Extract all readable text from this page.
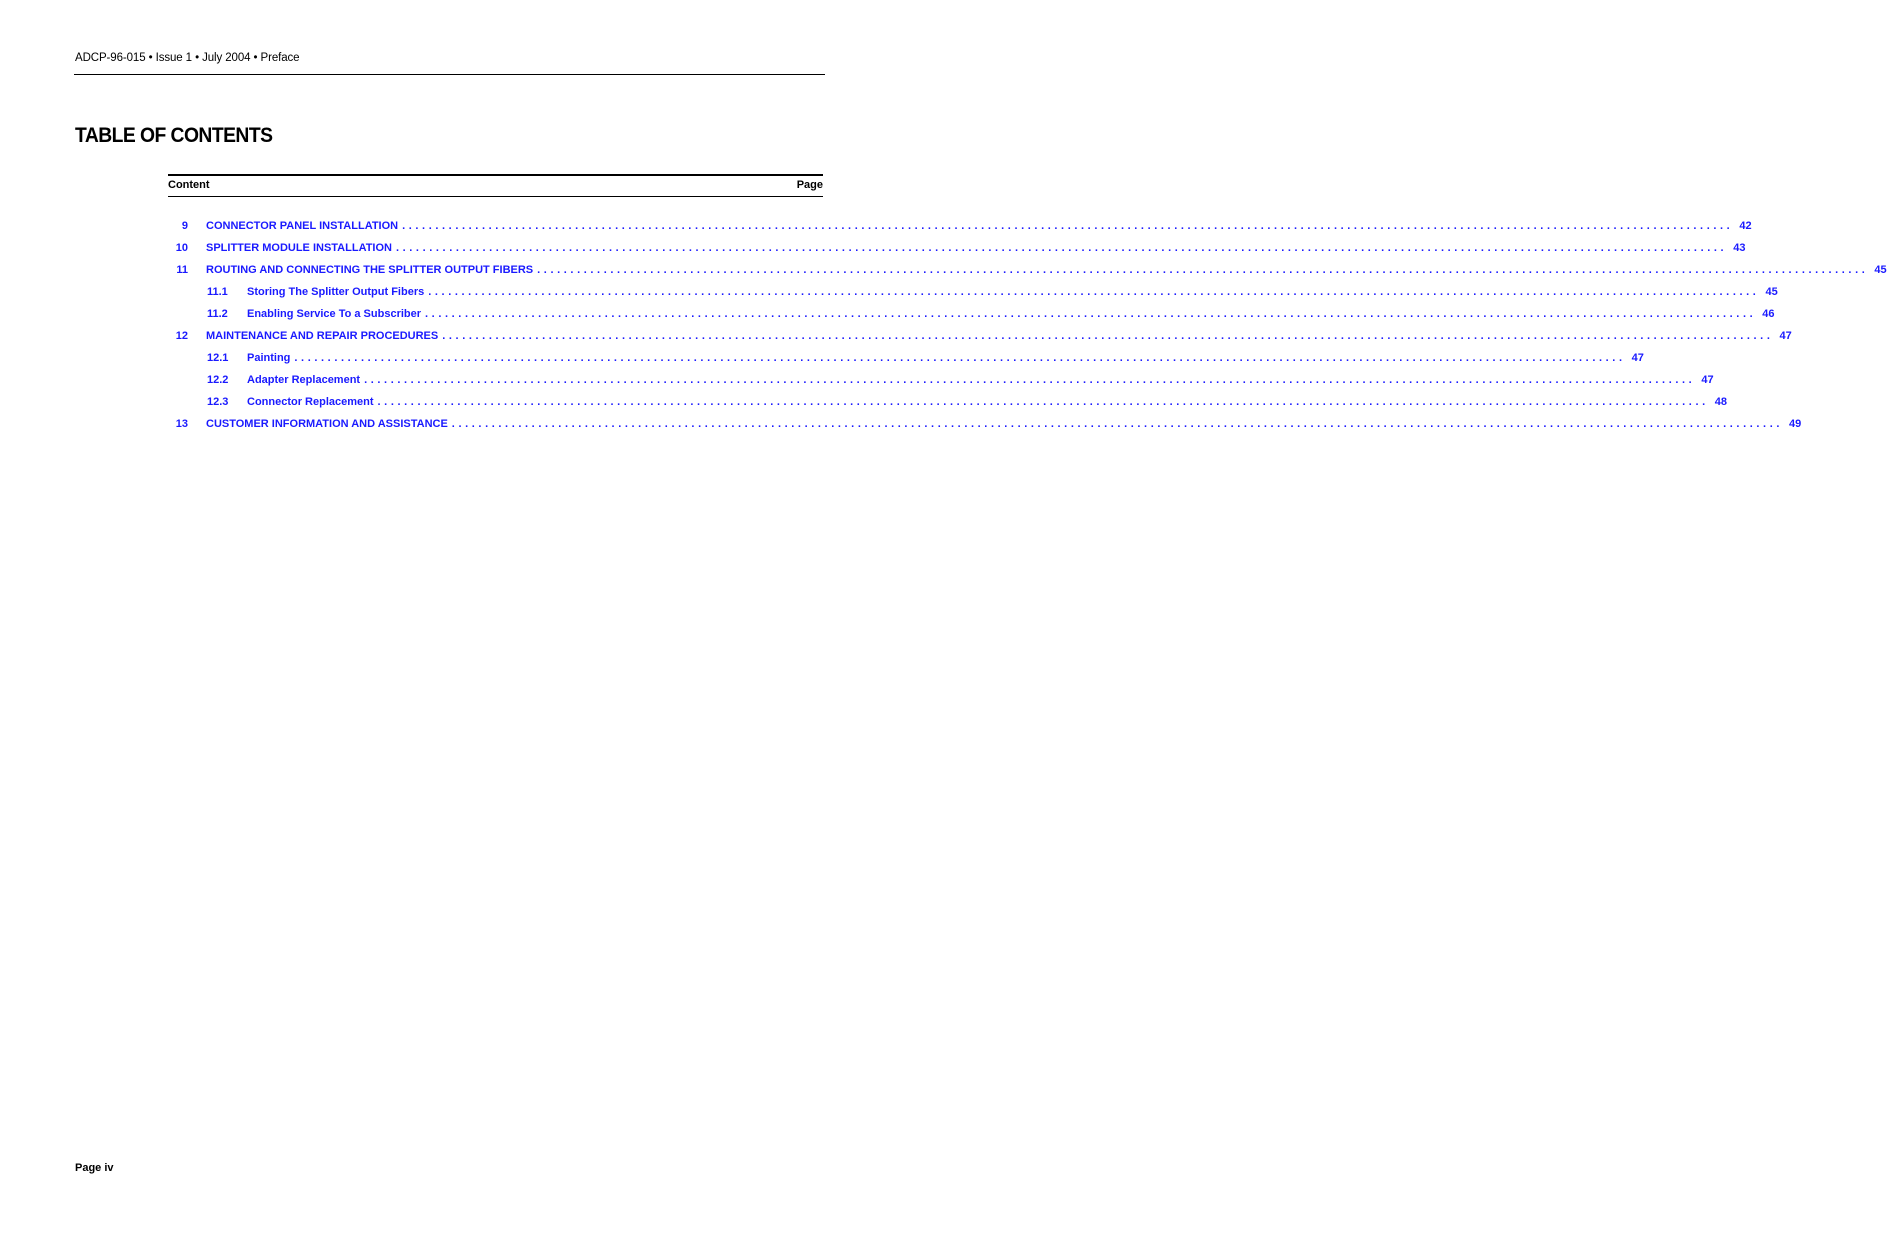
ADCP-96-015 • Issue 1 • July 2004 • Preface
TABLE OF CONTENTS
Content	Page
9 CONNECTOR PANEL INSTALLATION ........................................................................................................................................................................................................ 42
10 SPLITTER MODULE INSTALLATION ........................................................................................................................................................................................................ 43
11 ROUTING AND CONNECTING THE SPLITTER OUTPUT FIBERS ........................................................................................................................................................................................................ 45
11.1 Storing The Splitter Output Fibers ........................................................................................................................................................................................................ 45
11.2 Enabling Service To a Subscriber ........................................................................................................................................................................................................ 46
12 MAINTENANCE AND REPAIR PROCEDURES ........................................................................................................................................................................................................ 47
12.1 Painting ........................................................................................................................................................................................................ 47
12.2 Adapter Replacement ........................................................................................................................................................................................................ 47
12.3 Connector Replacement ........................................................................................................................................................................................................ 48
13 CUSTOMER INFORMATION AND ASSISTANCE ........................................................................................................................................................................................................ 49
Page iv
